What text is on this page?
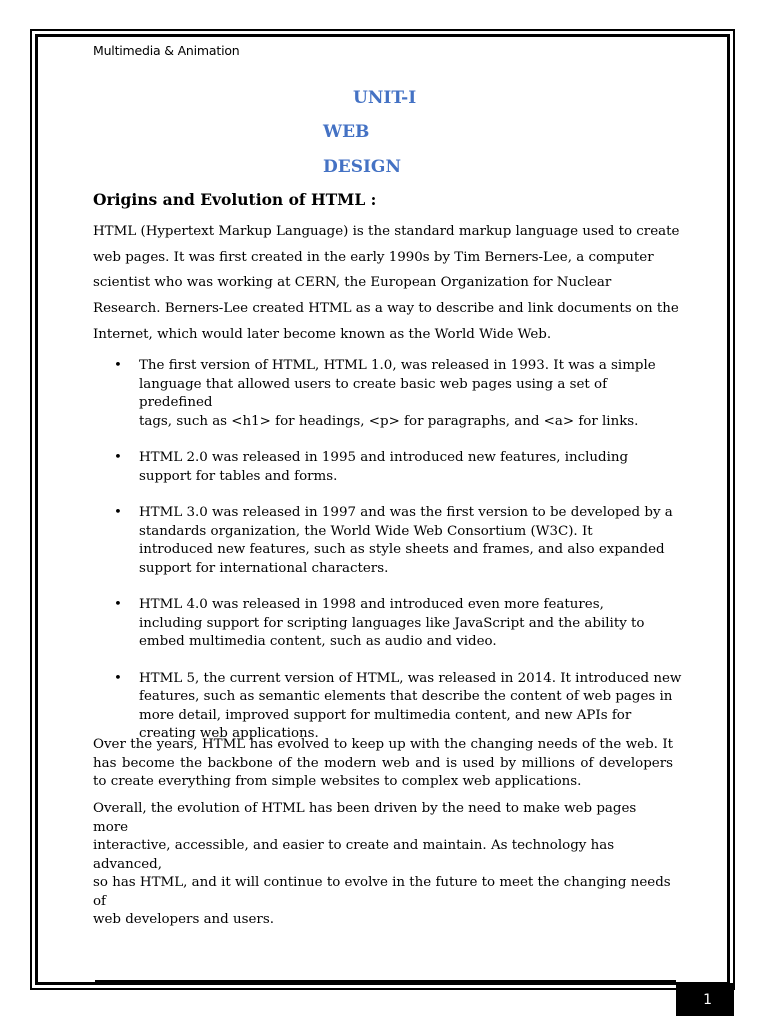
Multimedia & Animation
UNIT-I
WEB
DESIGN
Origins and Evolution of HTML :

HTML (Hypertext Markup Language) is the standard markup language used to create web pages. It was first created in the early 1990s by Tim Berners-Lee, a computer scientist who was working at CERN, the European Organization for Nuclear Research. Berners-Lee created HTML as a way to describe and link documents on the Internet, which would later become known as the World Wide Web.

• The first version of HTML, HTML 1.0, was released in 1993. It was a simple
language that allowed users to create basic web pages using a set of predefined
tags, such as <h1> for headings, <p> for paragraphs, and <a> for links.
• HTML 2.0 was released in 1995 and introduced new features, including
support for tables and forms.
• HTML 3.0 was released in 1997 and was the first version to be developed by a
standards organization, the World Wide Web Consortium (W3C). It
introduced new features, such as style sheets and frames, and also expanded
support for international characters.
• HTML 4.0 was released in 1998 and introduced even more features,
including support for scripting languages like JavaScript and the ability to
embed multimedia content, such as audio and video.
• HTML 5, the current version of HTML, was released in 2014. It introduced new
features, such as semantic elements that describe the content of web pages in
more detail, improved support for multimedia content, and new APIs for
creating web applications.

Over the years, HTML has evolved to keep up with the changing needs of the web. It has become the backbone of the modern web and is used by millions of developers to create everything from simple websites to complex web applications.

Overall, the evolution of HTML has been driven by the need to make web pages more
interactive, accessible, and easier to create and maintain. As technology has advanced,
so has HTML, and it will continue to evolve in the future to meet the changing needs of
web developers and users.

1
